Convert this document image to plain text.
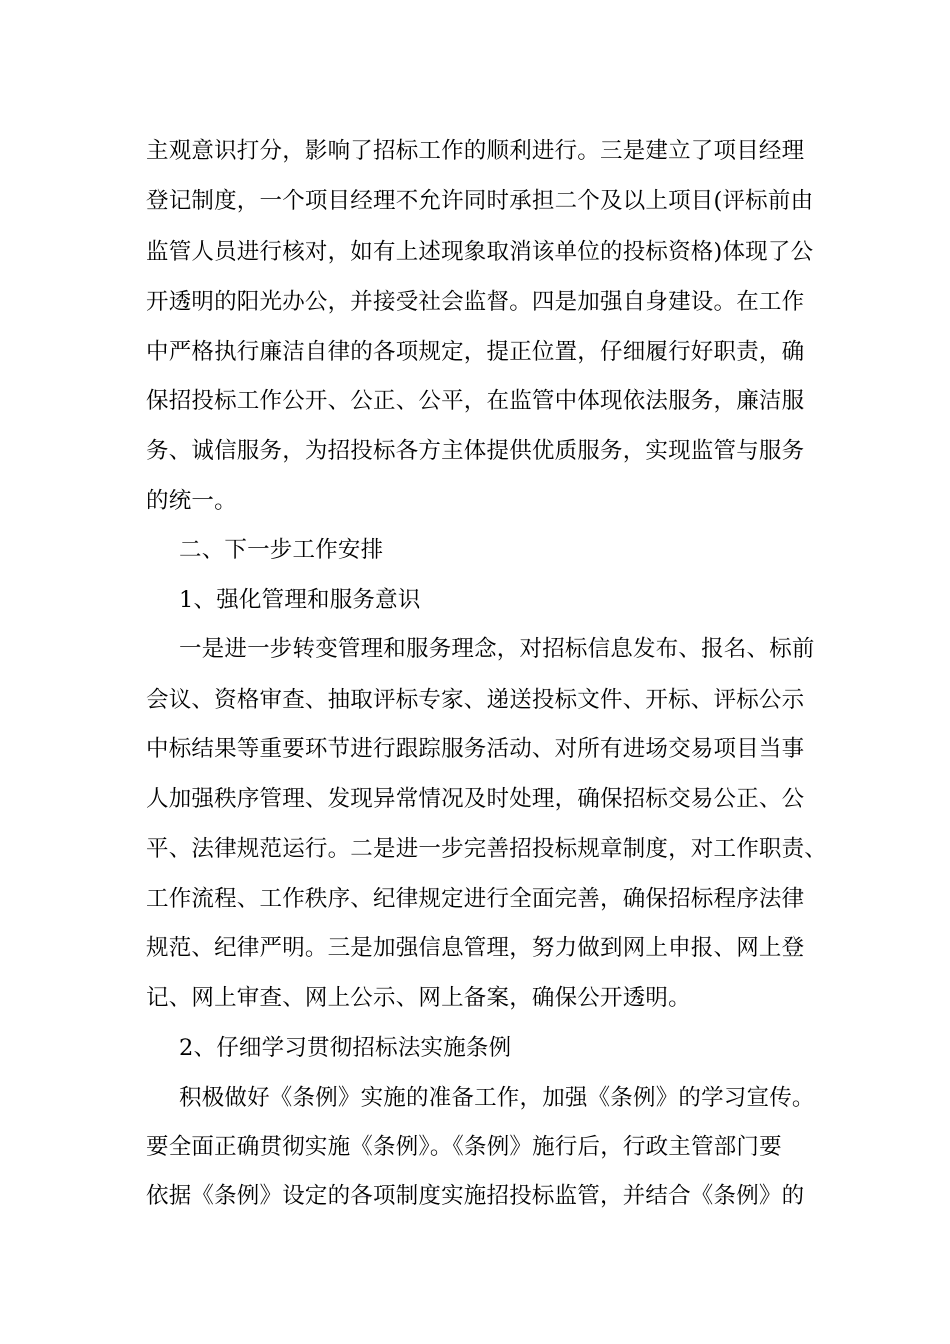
主观意识打分，影响了招标工作的顺利进行。三是建立了项目经理
登记制度，一个项目经理不允许同时承担二个及以上项目(评标前由
监管人员进行核对，如有上述现象取消该单位的投标资格)体现了公
开透明的阳光办公，并接受社会监督。四是加强自身建设。在工作
中严格执行廉洁自律的各项规定，提正位置，仔细履行好职责，确
保招投标工作公开、公正、公平，在监管中体现依法服务，廉洁服
务、诚信服务，为招投标各方主体提供优质服务，实现监管与服务
的统一。
二、下一步工作安排
1、强化管理和服务意识
一是进一步转变管理和服务理念，对招标信息发布、报名、标前
会议、资格审查、抽取评标专家、递送投标文件、开标、评标公示
中标结果等重要环节进行跟踪服务活动、对所有进场交易项目当事
人加强秩序管理、发现异常情况及时处理，确保招标交易公正、公
平、法律规范运行。二是进一步完善招投标规章制度，对工作职责、
工作流程、工作秩序、纪律规定进行全面完善，确保招标程序法律
规范、纪律严明。三是加强信息管理，努力做到网上申报、网上登
记、网上审查、网上公示、网上备案，确保公开透明。
2、仔细学习贯彻招标法实施条例
积极做好《条例》实施的准备工作，加强《条例》的学习宣传。
要全面正确贯彻实施《条例》。《条例》施行后，行政主管部门要
依据《条例》设定的各项制度实施招投标监管，并结合《条例》的
